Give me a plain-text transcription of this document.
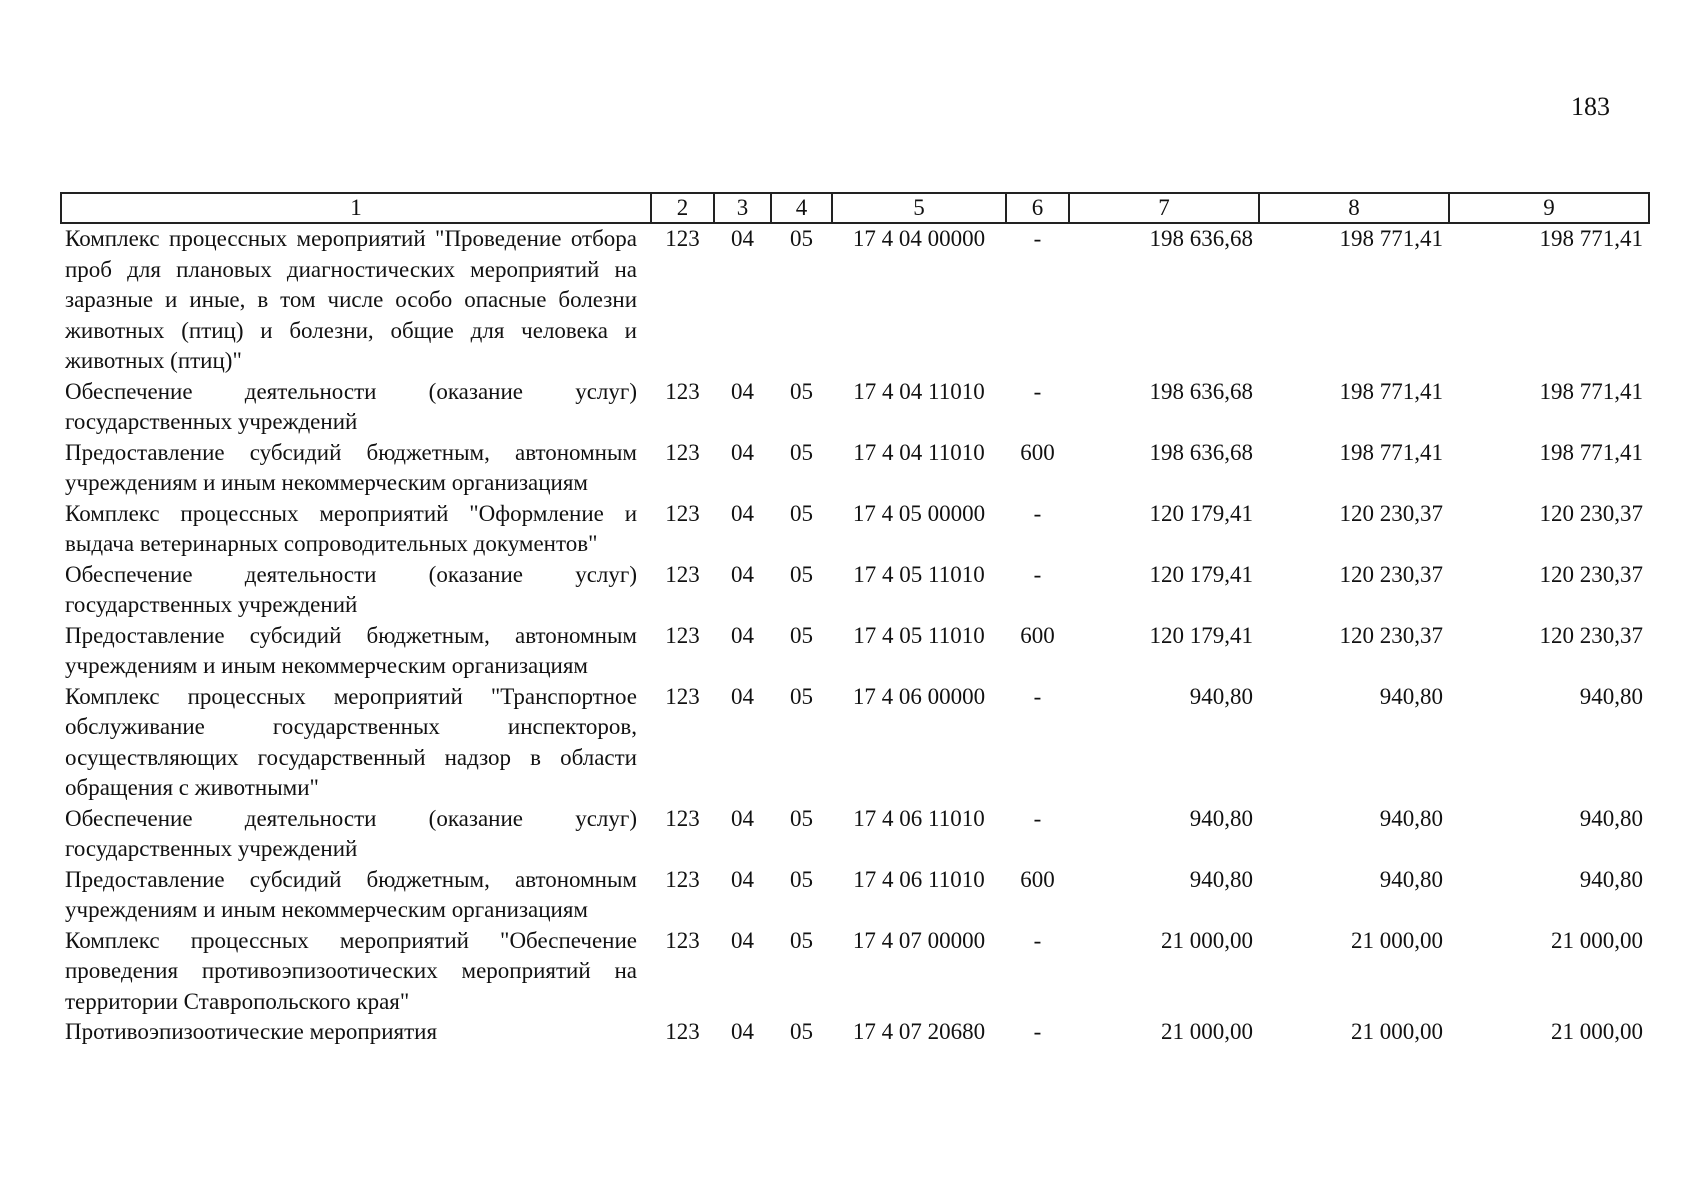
183
1	2	3	4	5	6	7	8	9
Комплекс процессных мероприятий "Проведение отбора проб для плановых диагностических мероприятий на заразные и иные, в том числе особо опасные болезни животных (птиц) и болезни, общие для человека и животных (птиц)"	123	04	05	17 4 04 00000	-	198 636,68	198 771,41	198 771,41
Обеспечение деятельности (оказание услуг) государственных учреждений	123	04	05	17 4 04 11010	-	198 636,68	198 771,41	198 771,41
Предоставление субсидий бюджетным, автономным учреждениям и иным некоммерческим организациям	123	04	05	17 4 04 11010	600	198 636,68	198 771,41	198 771,41
Комплекс процессных мероприятий "Оформление и выдача ветеринарных сопроводительных документов"	123	04	05	17 4 05 00000	-	120 179,41	120 230,37	120 230,37
Обеспечение деятельности (оказание услуг) государственных учреждений	123	04	05	17 4 05 11010	-	120 179,41	120 230,37	120 230,37
Предоставление субсидий бюджетным, автономным учреждениям и иным некоммерческим организациям	123	04	05	17 4 05 11010	600	120 179,41	120 230,37	120 230,37
Комплекс процессных мероприятий "Транспортное обслуживание государственных инспекторов, осуществляющих государственный надзор в области обращения с животными"	123	04	05	17 4 06 00000	-	940,80	940,80	940,80
Обеспечение деятельности (оказание услуг) государственных учреждений	123	04	05	17 4 06 11010	-	940,80	940,80	940,80
Предоставление субсидий бюджетным, автономным учреждениям и иным некоммерческим организациям	123	04	05	17 4 06 11010	600	940,80	940,80	940,80
Комплекс процессных мероприятий "Обеспечение проведения противоэпизоотических мероприятий на территории Ставропольского края"	123	04	05	17 4 07 00000	-	21 000,00	21 000,00	21 000,00
Противоэпизоотические мероприятия	123	04	05	17 4 07 20680	-	21 000,00	21 000,00	21 000,00
